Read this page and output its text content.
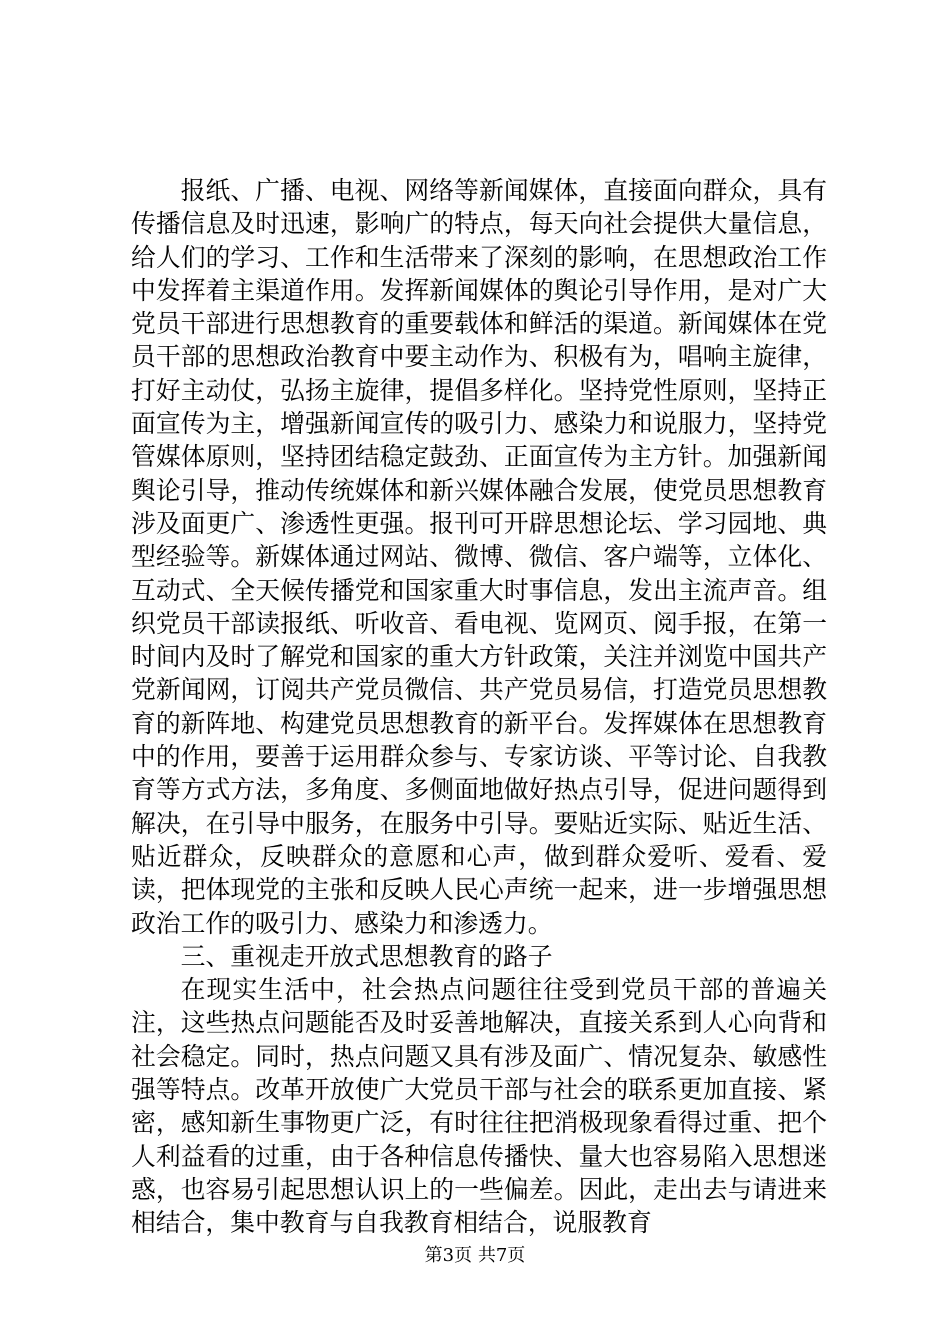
报纸、广播、电视、网络等新闻媒体，直接面向群众，具有传播信息及时迅速，影响广的特点，每天向社会提供大量信息，给人们的学习、工作和生活带来了深刻的影响，在思想政治工作中发挥着主渠道作用。发挥新闻媒体的舆论引导作用，是对广大党员干部进行思想教育的重要载体和鲜活的渠道。新闻媒体在党员干部的思想政治教育中要主动作为、积极有为，唱响主旋律，打好主动仗，弘扬主旋律，提倡多样化。坚持党性原则，坚持正面宣传为主，增强新闻宣传的吸引力、感染力和说服力，坚持党管媒体原则，坚持团结稳定鼓劲、正面宣传为主方针。加强新闻舆论引导，推动传统媒体和新兴媒体融合发展，使党员思想教育涉及面更广、渗透性更强。报刊可开辟思想论坛、学习园地、典型经验等。新媒体通过网站、微博、微信、客户端等，立体化、互动式、全天候传播党和国家重大时事信息，发出主流声音。组织党员干部读报纸、听收音、看电视、览网页、阅手报，在第一时间内及时了解党和国家的重大方针政策，关注并浏览中国共产党新闻网，订阅共产党员微信、共产党员易信，打造党员思想教育的新阵地、构建党员思想教育的新平台。发挥媒体在思想教育中的作用，要善于运用群众参与、专家访谈、平等讨论、自我教育等方式方法，多角度、多侧面地做好热点引导，促进问题得到解决，在引导中服务，在服务中引导。要贴近实际、贴近生活、贴近群众，反映群众的意愿和心声，做到群众爱听、爱看、爱读，把体现党的主张和反映人民心声统一起来，进一步增强思想政治工作的吸引力、感染力和渗透力。

三、重视走开放式思想教育的路子

在现实生活中，社会热点问题往往受到党员干部的普遍关注，这些热点问题能否及时妥善地解决，直接关系到人心向背和社会稳定。同时，热点问题又具有涉及面广、情况复杂、敏感性强等特点。改革开放使广大党员干部与社会的联系更加直接、紧密，感知新生事物更广泛，有时往往把消极现象看得过重、把个人利益看的过重，由于各种信息传播快、量大也容易陷入思想迷惑，也容易引起思想认识上的一些偏差。因此，走出去与请进来相结合，集中教育与自我教育相结合，说服教育

第3页 共7页
